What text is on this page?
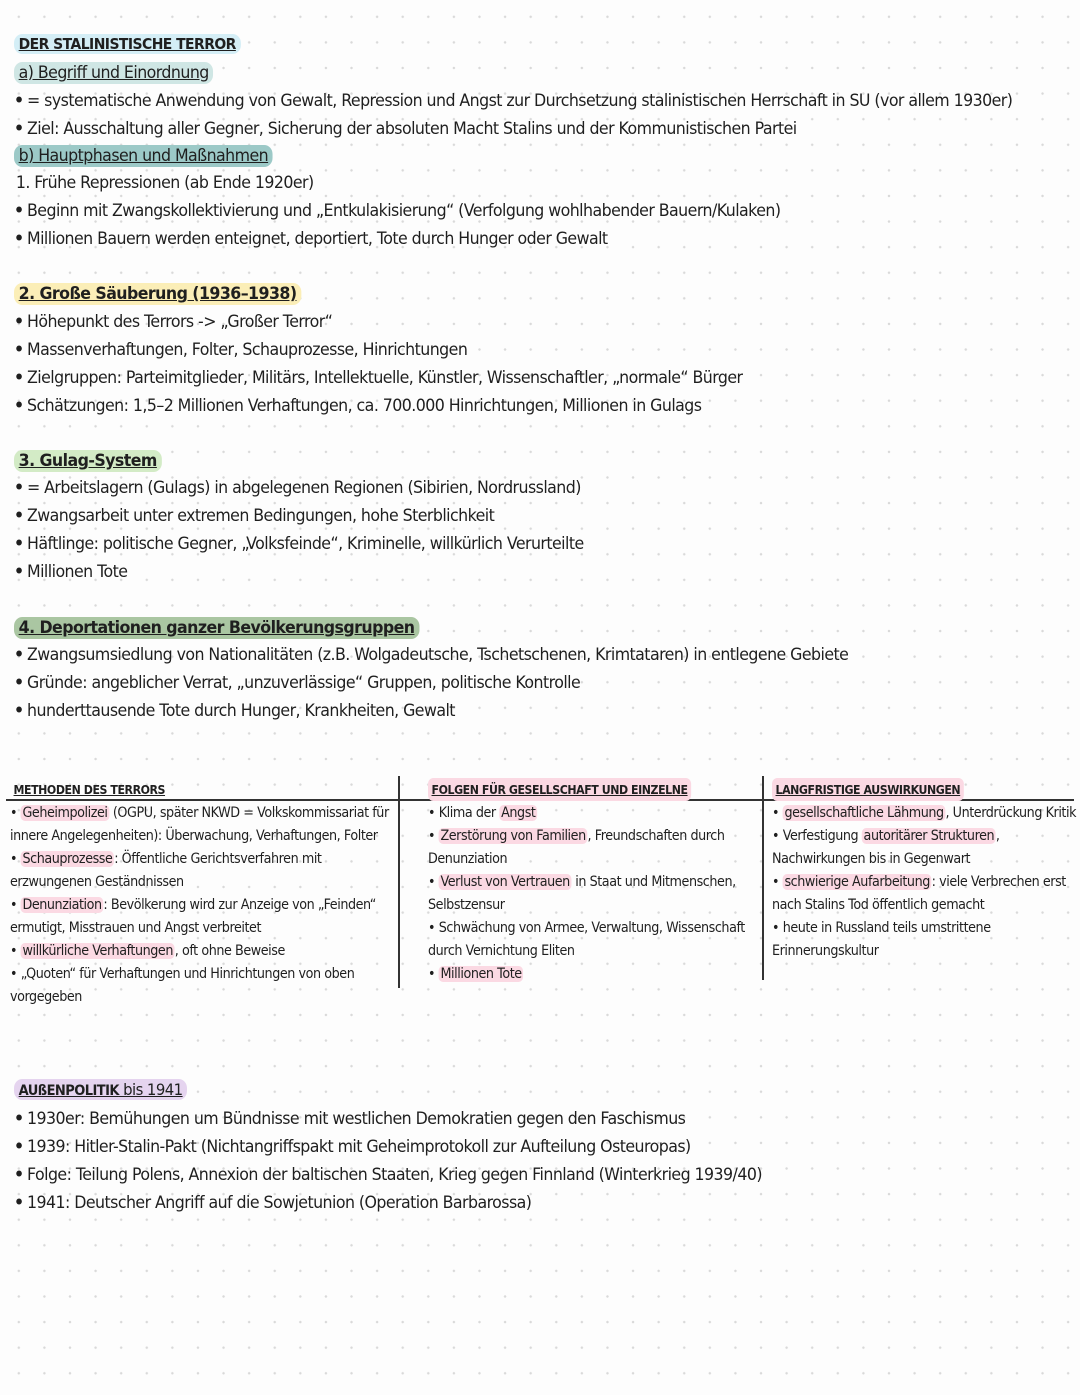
DER STALINISTISCHE TERROR
a) Begriff und Einordnung
• = systematische Anwendung von Gewalt, Repression und Angst zur Durchsetzung stalinistischen Herrschaft in SU (vor allem 1930er)
• Ziel: Ausschaltung aller Gegner, Sicherung der absoluten Macht Stalins und der Kommunistischen Partei
b) Hauptphasen und Maßnahmen
1. Frühe Repressionen (ab Ende 1920er)
• Beginn mit Zwangskollektivierung und „Entkulakisierung“ (Verfolgung wohlhabender Bauern/Kulaken)
• Millionen Bauern werden enteignet, deportiert, Tote durch Hunger oder Gewalt
2. Große Säuberung (1936–1938)
• Höhepunkt des Terrors -> „Großer Terror“
• Massenverhaftungen, Folter, Schauprozesse, Hinrichtungen
• Zielgruppen: Parteimitglieder, Militärs, Intellektuelle, Künstler, Wissenschaftler, „normale“ Bürger
• Schätzungen: 1,5–2 Millionen Verhaftungen, ca. 700.000 Hinrichtungen, Millionen in Gulags
3. Gulag-System
• = Arbeitslagern (Gulags) in abgelegenen Regionen (Sibirien, Nordrussland)
• Zwangsarbeit unter extremen Bedingungen, hohe Sterblichkeit
• Häftlinge: politische Gegner, „Volksfeinde“, Kriminelle, willkürlich Verurteilte
• Millionen Tote
4. Deportationen ganzer Bevölkerungsgruppen
• Zwangsumsiedlung von Nationalitäten (z.B. Wolgadeutsche, Tschetschenen, Krimtataren) in entlegene Gebiete
• Gründe: angeblicher Verrat, „unzuverlässige“ Gruppen, politische Kontrolle
• hunderttausende Tote durch Hunger, Krankheiten, Gewalt
METHODEN DES TERRORS
• Geheimpolizei (OGPU, später NKWD = Volkskommissariat für
innere Angelegenheiten): Überwachung, Verhaftungen, Folter
• Schauprozesse : Öffentliche Gerichtsverfahren mit
erzwungenen Geständnissen
• Denunziation : Bevölkerung wird zur Anzeige von „Feinden“
ermutigt, Misstrauen und Angst verbreitet
• willkürliche Verhaftungen , oft ohne Beweise
• „Quoten“ für Verhaftungen und Hinrichtungen von oben
vorgegeben
FOLGEN FÜR GESELLSCHAFT UND EINZELNE
• Klima der Angst
• Zerstörung von Familien , Freundschaften durch
Denunziation
• Verlust von Vertrauen in Staat und Mitmenschen,
Selbstzensur
• Schwächung von Armee, Verwaltung, Wissenschaft
durch Vernichtung Eliten
• Millionen Tote
LANGFRISTIGE AUSWIRKUNGEN
• gesellschaftliche Lähmung , Unterdrückung Kritik
• Verfestigung autoritärer Strukturen ,
Nachwirkungen bis in Gegenwart
• schwierige Aufarbeitung : viele Verbrechen erst
nach Stalins Tod öffentlich gemacht
• heute in Russland teils umstrittene
Erinnerungskultur
AUßENPOLITIK bis 1941
• 1930er: Bemühungen um Bündnisse mit westlichen Demokratien gegen den Faschismus
• 1939: Hitler-Stalin-Pakt (Nichtangriffspakt mit Geheimprotokoll zur Aufteilung Osteuropas)
• Folge: Teilung Polens, Annexion der baltischen Staaten, Krieg gegen Finnland (Winterkrieg 1939/40)
• 1941: Deutscher Angriff auf die Sowjetunion (Operation Barbarossa)
